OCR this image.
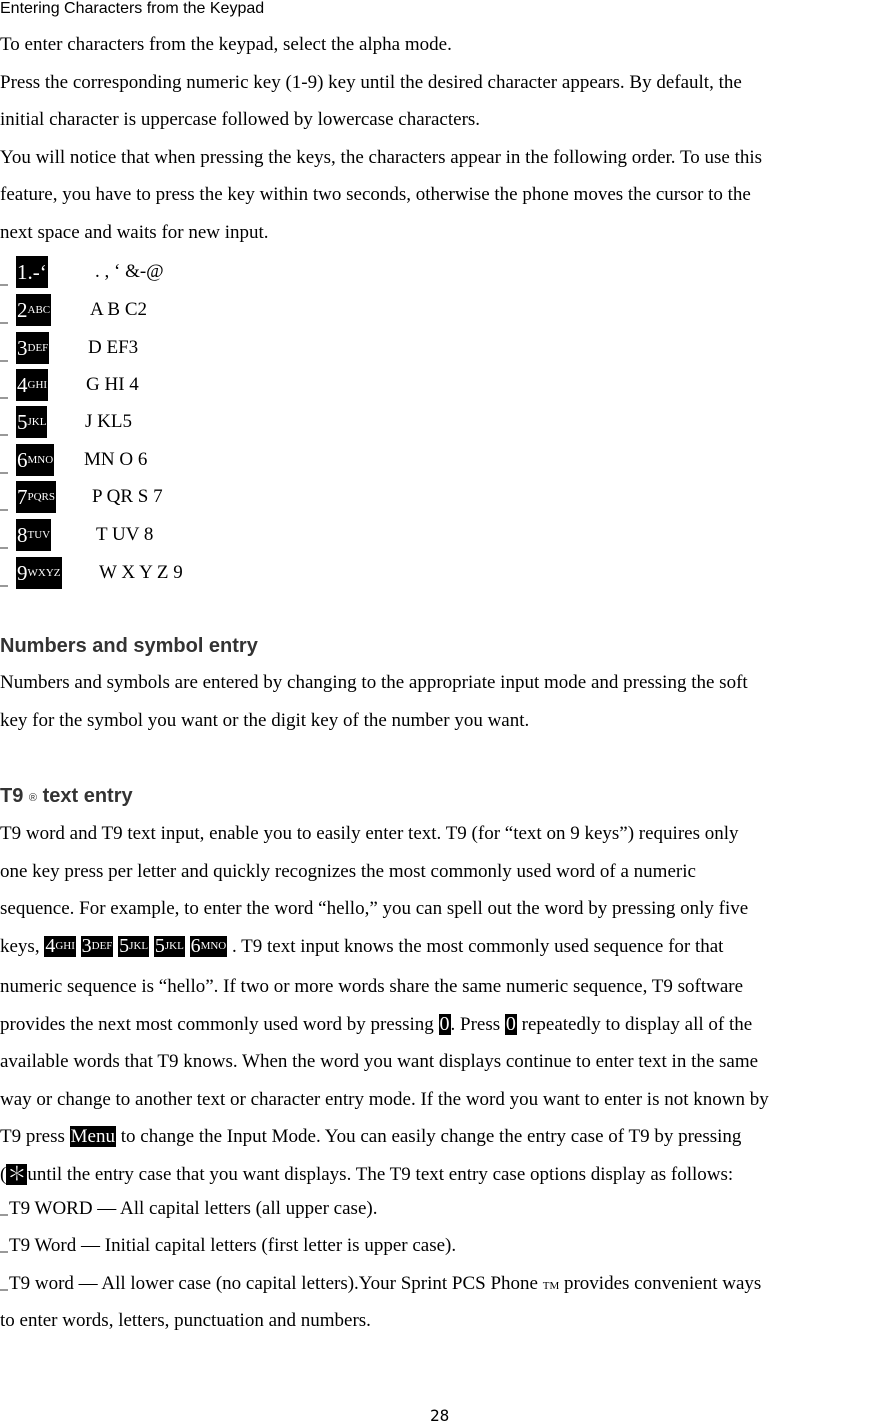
Entering Characters from the Keypad
To enter characters from the keypad, select the alpha mode.
Press the corresponding numeric key (1-9) key until the desired character appears. By default, the
initial character is uppercase followed by lowercase characters.
You will notice that when pressing the keys, the characters appear in the following order. To use this
feature, you have to press the key within two seconds, otherwise the phone moves the cursor to the
next space and waits for new input.
1.-‘	. , ‘ &-@
$2^{ABC}$ A B C2
$3^{DEF}$ D EF3
$4^{GHI}$ G HI 4
$5^{JKL}$ J KL5
$6^{MNO}$ MN O 6
$7^{PQRS}$ P QR S 7
$8^{TUV}$ T UV 8
$9^{WXYZ}$ W X Y Z 9
Numbers and symbol entry
Numbers and symbols are entered by changing to the appropriate input mode and pressing the soft
key for the symbol you want or the digit key of the number you want.
T9 ® text entry
T9 word and T9 text input, enable you to easily enter text. T9 (for “text on 9 keys”) requires only
one key press per letter and quickly recognizes the most commonly used word of a numeric
sequence. For example, to enter the word “hello,” you can spell out the word by pressing only five
keys, 4GHI 3DEF 5JKL 5JKL 6MNO . T9 text input knows the most commonly used sequence for that
numeric sequence is “hello”. If two or more words share the same numeric sequence, T9 software
provides the next most commonly used word by pressing 0. Press 0 repeatedly to display all of the
available words that T9 knows. When the word you want displays continue to enter text in the same
way or change to another text or character entry mode. If the word you want to enter is not known by
T9 press Menu to change the Input Mode. You can easily change the entry case of T9 by pressing
(＊until the entry case that you want displays. The T9 text entry case options display as follows:
T9 WORD — All capital letters (all upper case).
T9 Word — Initial capital letters (first letter is upper case).
T9 word — All lower case (no capital letters).Your Sprint PCS Phone TM provides convenient ways
to enter words, letters, punctuation and numbers.
28
